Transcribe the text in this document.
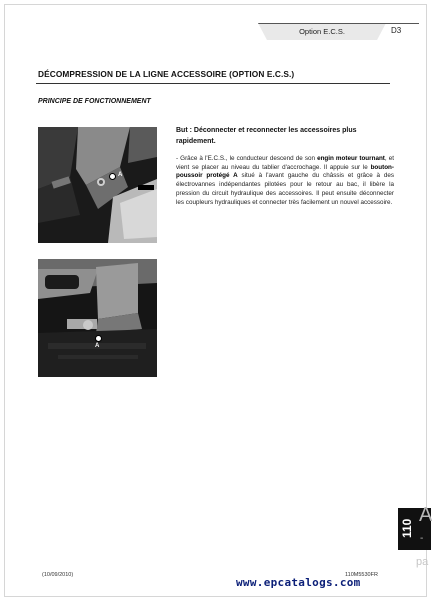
Option E.C.S.	D3
DÉCOMPRESSION DE LA LIGNE ACCESSOIRE (OPTION E.C.S.)
PRINCIPE DE FONCTIONNEMENT
A
A
But : Déconnecter et reconnecter les accessoires plus rapidement.
- Grâce à l'E.C.S., le conducteur descend de son engin moteur tournant, et vient se placer au niveau du tablier d'accrochage. Il appuie sur le bouton-poussoir protégé A situé à l'avant gauche du châssis et grâce à des électrovannes indépendantes pilotées pour le retour au bac, il libère la pression du circuit hydraulique des accessoires. Il peut ensuite déconnecter les coupleurs hydrauliques et connecter très facilement un nouvel accessoire.
(10/09/2010)
www.epcatalogs.com
110M5530FR
110
A
-
pa
